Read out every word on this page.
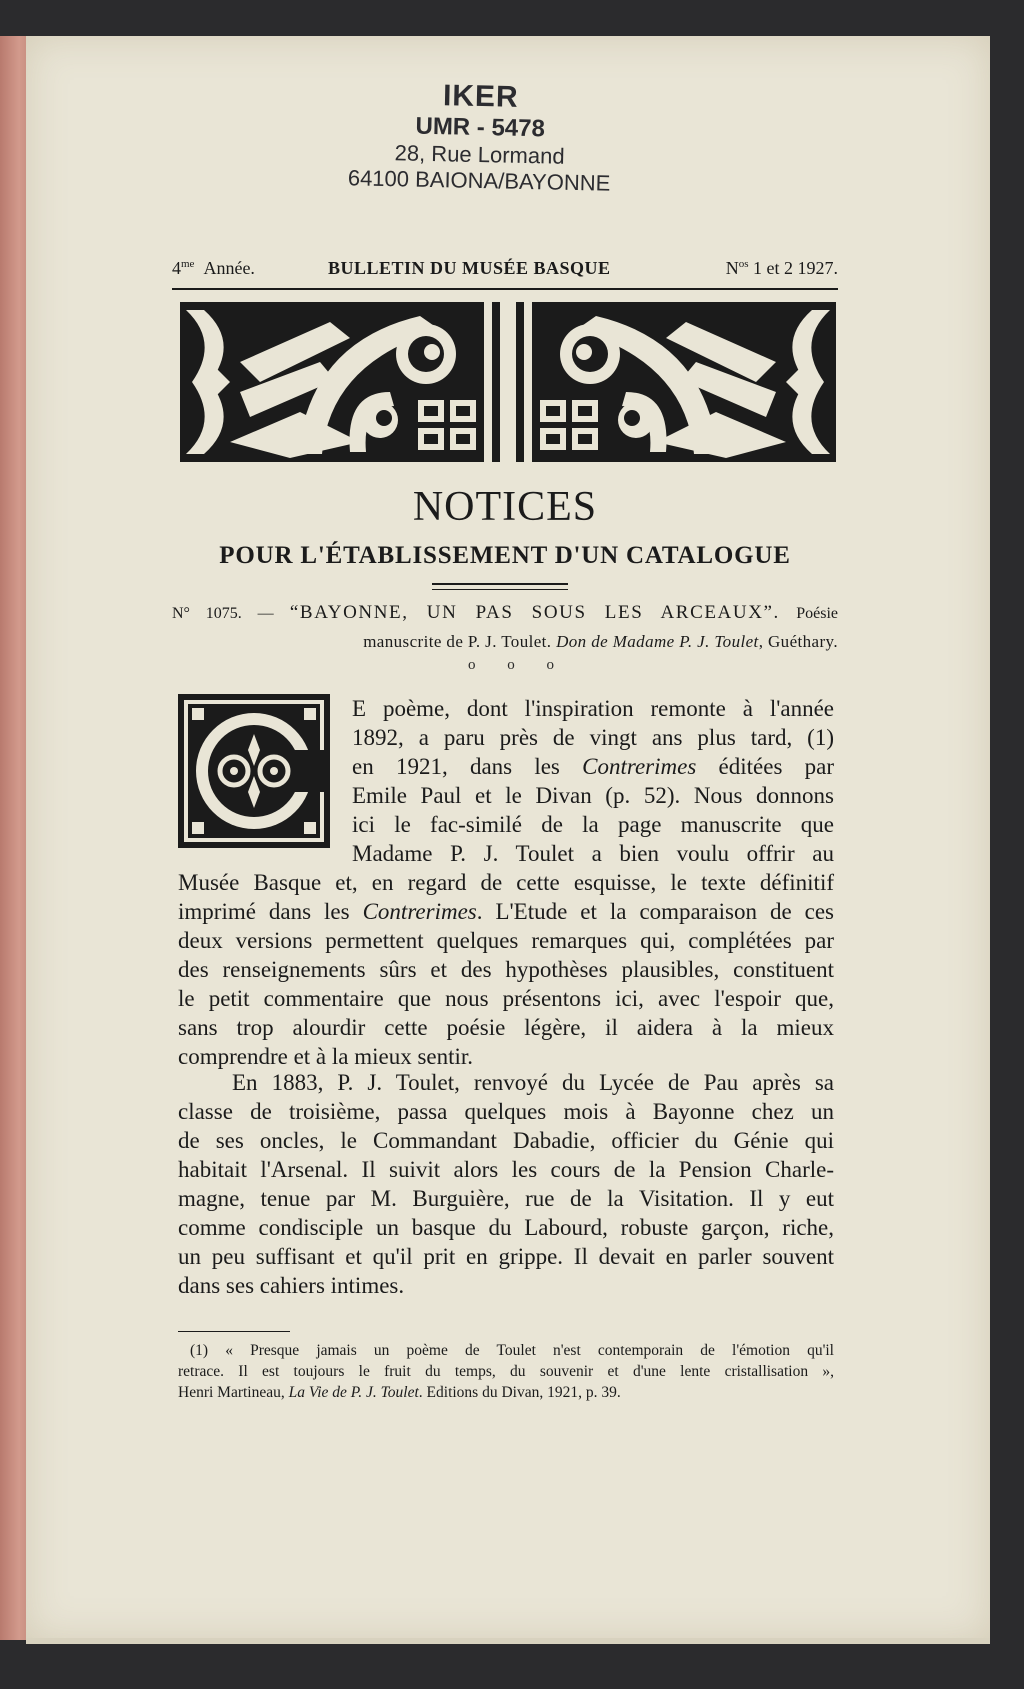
IKER
UMR - 5478
28, Rue Lormand
64100 BAIONA/BAYONNE
$4^{me}$ Année.	BULLETIN DU MUSÉE BASQUE	$N^{os}$ 1 et 2 1927.
NOTICES
POUR L'ÉTABLISSEMENT D'UN CATALOGUE
N° 1075. — “BAYONNE, UN PAS SOUS LES ARCEAUX”. Poésie
manuscrite de P. J. Toulet. Don de Madame P. J. Toulet, Guéthary.
o o o
E poème, dont l'inspiration remonte à l'année
1892, a paru près de vingt ans plus tard, (1)
en 1921, dans les Contrerimes éditées par
Emile Paul et le Divan (p. 52). Nous donnons
ici le fac-similé de la page manuscrite que
Madame P. J. Toulet a bien voulu offrir au
Musée Basque et, en regard de cette esquisse, le texte définitif
imprimé dans les Contrerimes. L'Etude et la comparaison de ces
deux versions permettent quelques remarques qui, complétées par
des renseignements sûrs et des hypothèses plausibles, constituent
le petit commentaire que nous présentons ici, avec l'espoir que,
sans trop alourdir cette poésie légère, il aidera à la mieux
comprendre et à la mieux sentir.
En 1883, P. J. Toulet, renvoyé du Lycée de Pau après sa
classe de troisième, passa quelques mois à Bayonne chez un
de ses oncles, le Commandant Dabadie, officier du Génie qui
habitait l'Arsenal. Il suivit alors les cours de la Pension Charle-
magne, tenue par M. Burguière, rue de la Visitation. Il y eut
comme condisciple un basque du Labourd, robuste garçon, riche,
un peu suffisant et qu'il prit en grippe. Il devait en parler souvent
dans ses cahiers intimes.
(1) « Presque jamais un poème de Toulet n'est contemporain de l'émotion qu'il
retrace. Il est toujours le fruit du temps, du souvenir et d'une lente cristallisation »,
Henri Martineau, La Vie de P. J. Toulet. Editions du Divan, 1921, p. 39.
